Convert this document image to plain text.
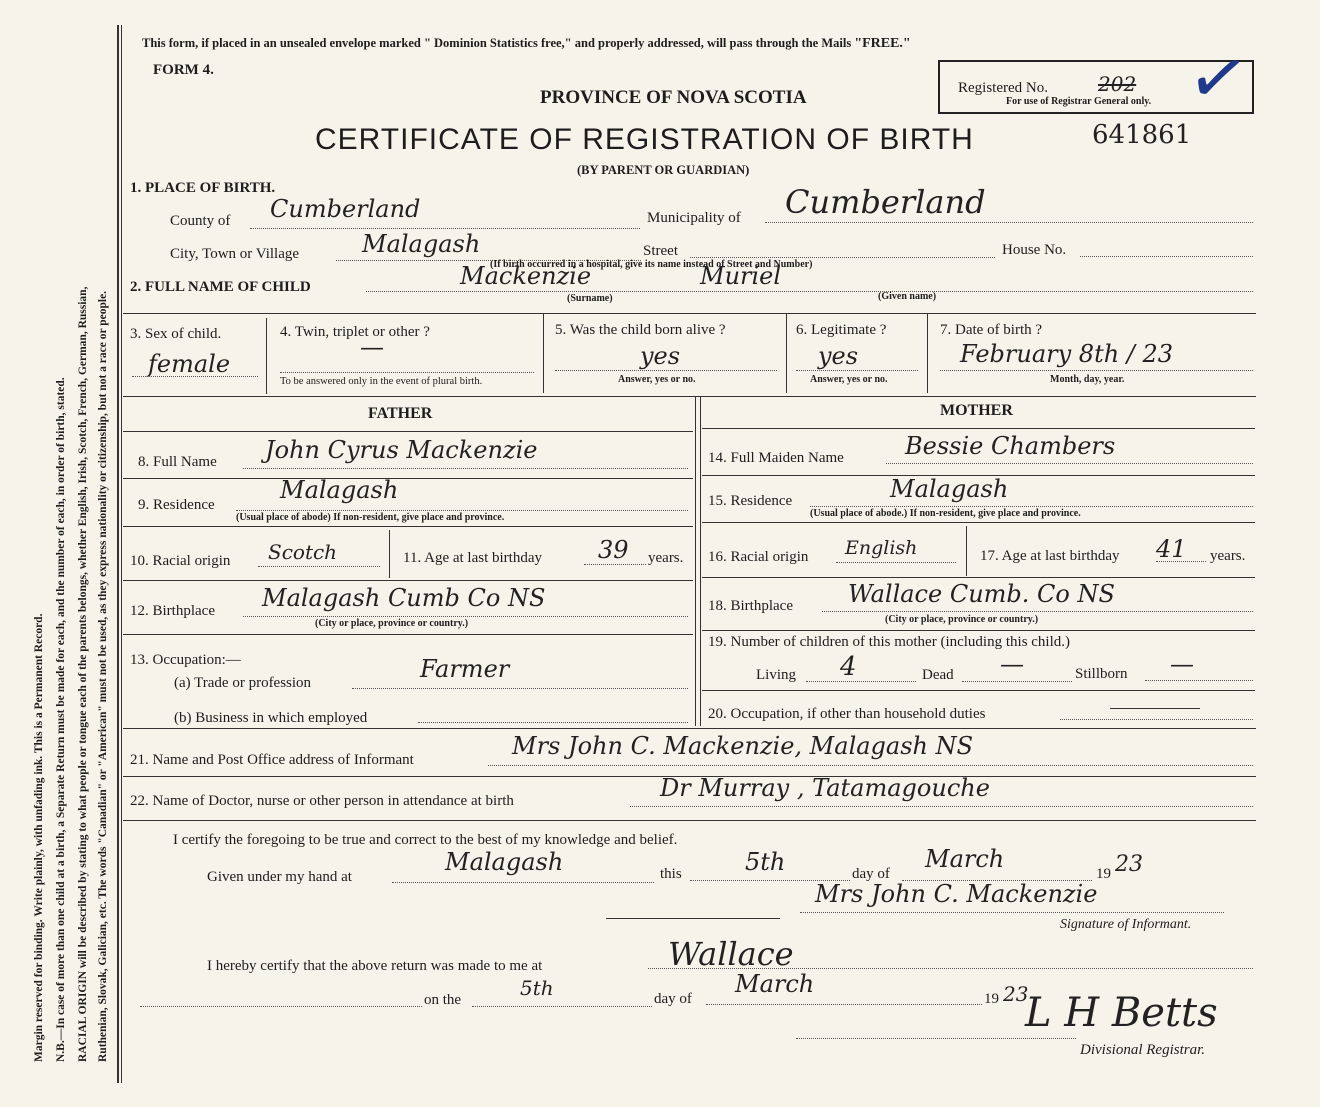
Margin reserved for binding. Write plainly, with unfading ink. This is a Permanent Record. N.B.—In case of more than one child at a birth, a Separate Return must be made for each, and the number of each, in order of birth, stated. RACIAL ORIGIN will be described by stating to what people or tongue each of the parents belongs, whether English, Irish, Scotch, French, German, Russian, Ruthenian, Slovak, Galician, etc. The words "Canadian" or "American" must not be used, as they express nationality or citizenship, but not a race or people.
This form, if placed in an unsealed envelope marked " Dominion Statistics free," and properly addressed, will pass through the Mails "FREE."
FORM 4.
PROVINCE OF NOVA SCOTIA
CERTIFICATE OF REGISTRATION OF BIRTH	641861
(BY PARENT OR GUARDIAN)
Registered No.	202
For use of Registrar General only. ✓
1. PLACE OF BIRTH.
County of Cumberland	Municipality of Cumberland
City, Town or Village	Malagash	Street	House No.
(If birth occurred in a hospital, give its name instead of Street and Number)
2. FULL NAME OF CHILD	Mackenzie	Muriel
(Surname)	(Given name)
3. Sex of child.
female
4. Twin, triplet or other ?
—
To be answered only in the event of plural birth.
5. Was the child born alive ?
yes
Answer, yes or no.
6. Legitimate ?
yes
Answer, yes or no.
7. Date of birth ?
February 8th / 23
Month, day, year.
FATHER	MOTHER
8. Full Name John Cyrus Mackenzie
9. Residence
Malagash
(Usual place of abode) If non-resident, give place and province.
10. Racial origin Scotch	11. Age at last birthday 39 years.
12. Birthplace Malagash Cumb Co NS
(City or place, province or country.)
13. Occupation:—
(a) Trade or profession	Farmer
(b) Business in which employed
14. Full Maiden Name	Bessie Chambers
15. Residence	Malagash
(Usual place of abode.) If non-resident, give place and province.
16. Racial origin English	17. Age at last birthday 41 years.
18. Birthplace Wallace Cumb. Co NS
(City or place, province or country.)
19. Number of children of this mother (including this child.)
Living 4	Dead —	Stillborn —
20. Occupation, if other than household duties
21. Name and Post Office address of Informant	Mrs John C. Mackenzie, Malagash NS
22. Name of Doctor, nurse or other person in attendance at birth	Dr Murray , Tatamagouche
I certify the foregoing to be true and correct to the best of my knowledge and belief.
Given under my hand at
Malagash	this	5th	day of
March
19 23
Mrs John C. Mackenzie
Signature of Informant.
I hereby certify that the above return was made to me at	Wallace
on the	5th	day of
March
19 23
L H Betts
Divisional Registrar.
